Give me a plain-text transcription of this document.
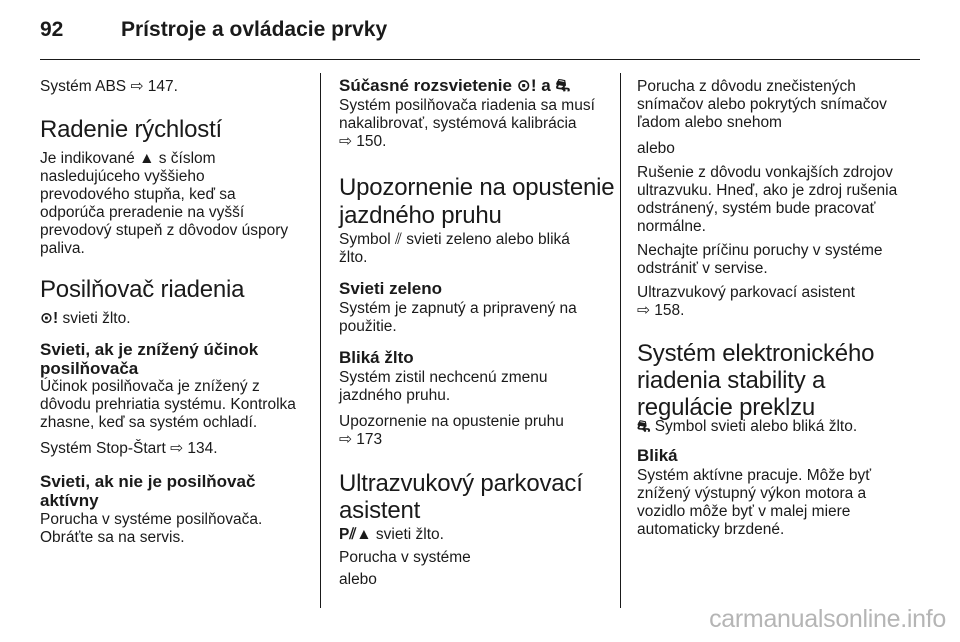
92	Prístroje a ovládacie prvky

Systém ABS ⇨ 147.

Radenie rýchlostí

Je indikované ▲ s číslom

nasledujúceho vyššieho

prevodového stupňa, keď sa

odporúča preradenie na vyšší

prevodový stupeň z dôvodov úspory

paliva.

Posilňovač riadenia

⊙! svieti žlto.

Svieti, ak je znížený účinok
posilňovača

Účinok posilňovača je znížený z

dôvodu prehriatia systému. Kontrolka

zhasne, keď sa systém ochladí.

Systém Stop-Štart ⇨ 134.

Svieti, ak nie je posilňovač
aktívny

Porucha v systéme posilňovača.

Obráťte sa na servis.

Súčasné rozsvietenie ⊙! a ⛐

Systém posilňovača riadenia sa musí

nakalibrovať, systémová kalibrácia

⇨ 150.

Upozornenie na opustenie
jazdného pruhu

Symbol ⫽ svieti zeleno alebo bliká

žlto.

Svieti zeleno

Systém je zapnutý a pripravený na

použitie.

Bliká žlto

Systém zistil nechcenú zmenu

jazdného pruhu.

Upozornenie na opustenie pruhu

⇨ 173

Ultrazvukový parkovací
asistent

P⫽▲ svieti žlto.

Porucha v systéme

alebo

Porucha z dôvodu znečistených

snímačov alebo pokrytých snímačov

ľadom alebo snehom

alebo

Rušenie z dôvodu vonkajších zdrojov

ultrazvuku. Hneď, ako je zdroj rušenia

odstránený, systém bude pracovať

normálne.

Nechajte príčinu poruchy v systéme

odstrániť v servise.

Ultrazvukový parkovací asistent

⇨ 158.

Systém elektronického
riadenia stability a
regulácie preklzu

⛐ Symbol svieti alebo bliká žlto.

Bliká

Systém aktívne pracuje. Môže byť

znížený výstupný výkon motora a

vozidlo môže byť v malej miere

automaticky brzdené.

carmanualsonline.info
